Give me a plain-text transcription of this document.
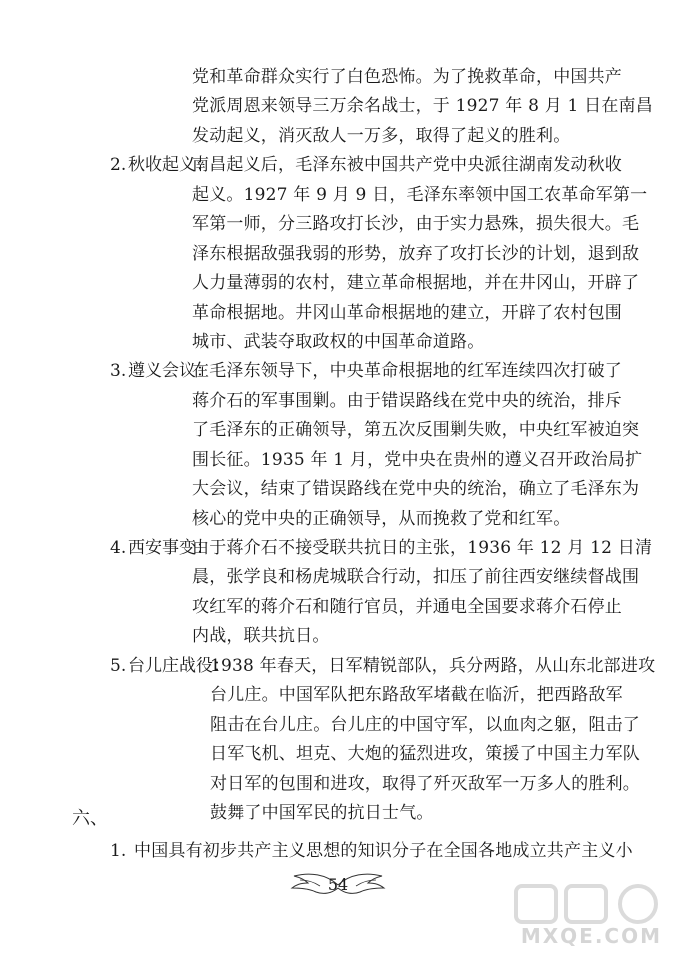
党和革命群众实行了白色恐怖。为了挽救革命，中国共产
党派周恩来领导三万余名战士，于 1927 年 8 月 1 日在南昌
发动起义，消灭敌人一万多，取得了起义的胜利。
2. 秋收起义：
南昌起义后，毛泽东被中国共产党中央派往湖南发动秋收
起义。1927 年 9 月 9 日，毛泽东率领中国工农革命军第一
军第一师，分三路攻打长沙，由于实力悬殊，损失很大。毛
泽东根据敌强我弱的形势，放弃了攻打长沙的计划，退到敌
人力量薄弱的农村，建立革命根据地，并在井冈山，开辟了
革命根据地。井冈山革命根据地的建立，开辟了农村包围
城市、武装夺取政权的中国革命道路。
3. 遵义会议：
在毛泽东领导下，中央革命根据地的红军连续四次打破了
蒋介石的军事围剿。由于错误路线在党中央的统治，排斥
了毛泽东的正确领导，第五次反围剿失败，中央红军被迫突
围长征。1935 年 1 月，党中央在贵州的遵义召开政治局扩
大会议，结束了错误路线在党中央的统治，确立了毛泽东为
核心的党中央的正确领导，从而挽救了党和红军。
4. 西安事变：
由于蒋介石不接受联共抗日的主张，1936 年 12 月 12 日清
晨，张学良和杨虎城联合行动，扣压了前往西安继续督战围
攻红军的蒋介石和随行官员，并通电全国要求蒋介石停止
内战，联共抗日。
5. 台儿庄战役：
1938 年春天，日军精锐部队，兵分两路，从山东北部进攻
台儿庄。中国军队把东路敌军堵截在临沂，把西路敌军
阻击在台儿庄。台儿庄的中国守军，以血肉之躯，阻击了
日军飞机、坦克、大炮的猛烈进攻，策援了中国主力军队
对日军的包围和进攻，取得了歼灭敌军一万多人的胜利。
鼓舞了中国军民的抗日士气。
六、
1. 中国具有初步共产主义思想的知识分子在全国各地成立共产主义小
54
MXQE.COM
